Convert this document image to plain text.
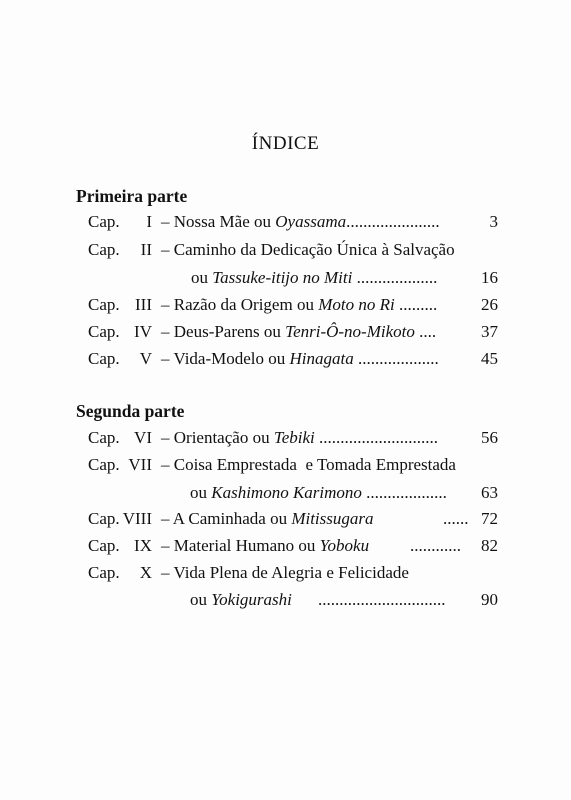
ÍNDICE
Primeira parte
Cap.	I – Nossa Mãe ou Oyassama......................	3
Cap.	II – Caminho da Dedicação Única à Salvação
ou Tassuke-itijo no Miti ...................	16
Cap. III – Razão da Origem ou Moto no Ri .........	26
Cap. IV – Deus-Parens ou Tenri-Ô-no-Mikoto ....	37
Cap.	V – Vida-Modelo ou Hinagata ................... 45
Segunda parte
Cap. VI – Orientação ou Tebiki ............................	56
Cap. VII – Coisa Emprestada  e Tomada Emprestada
ou Kashimono Karimono ................... 63
Cap. VIII – A Caminhada ou Mitissugara	...... 72
Cap. IX – Material Humano ou Yoboku ............ 82
Cap.	X – Vida Plena de Alegria e Felicidade
ou Yokigurashi .............................. 90
